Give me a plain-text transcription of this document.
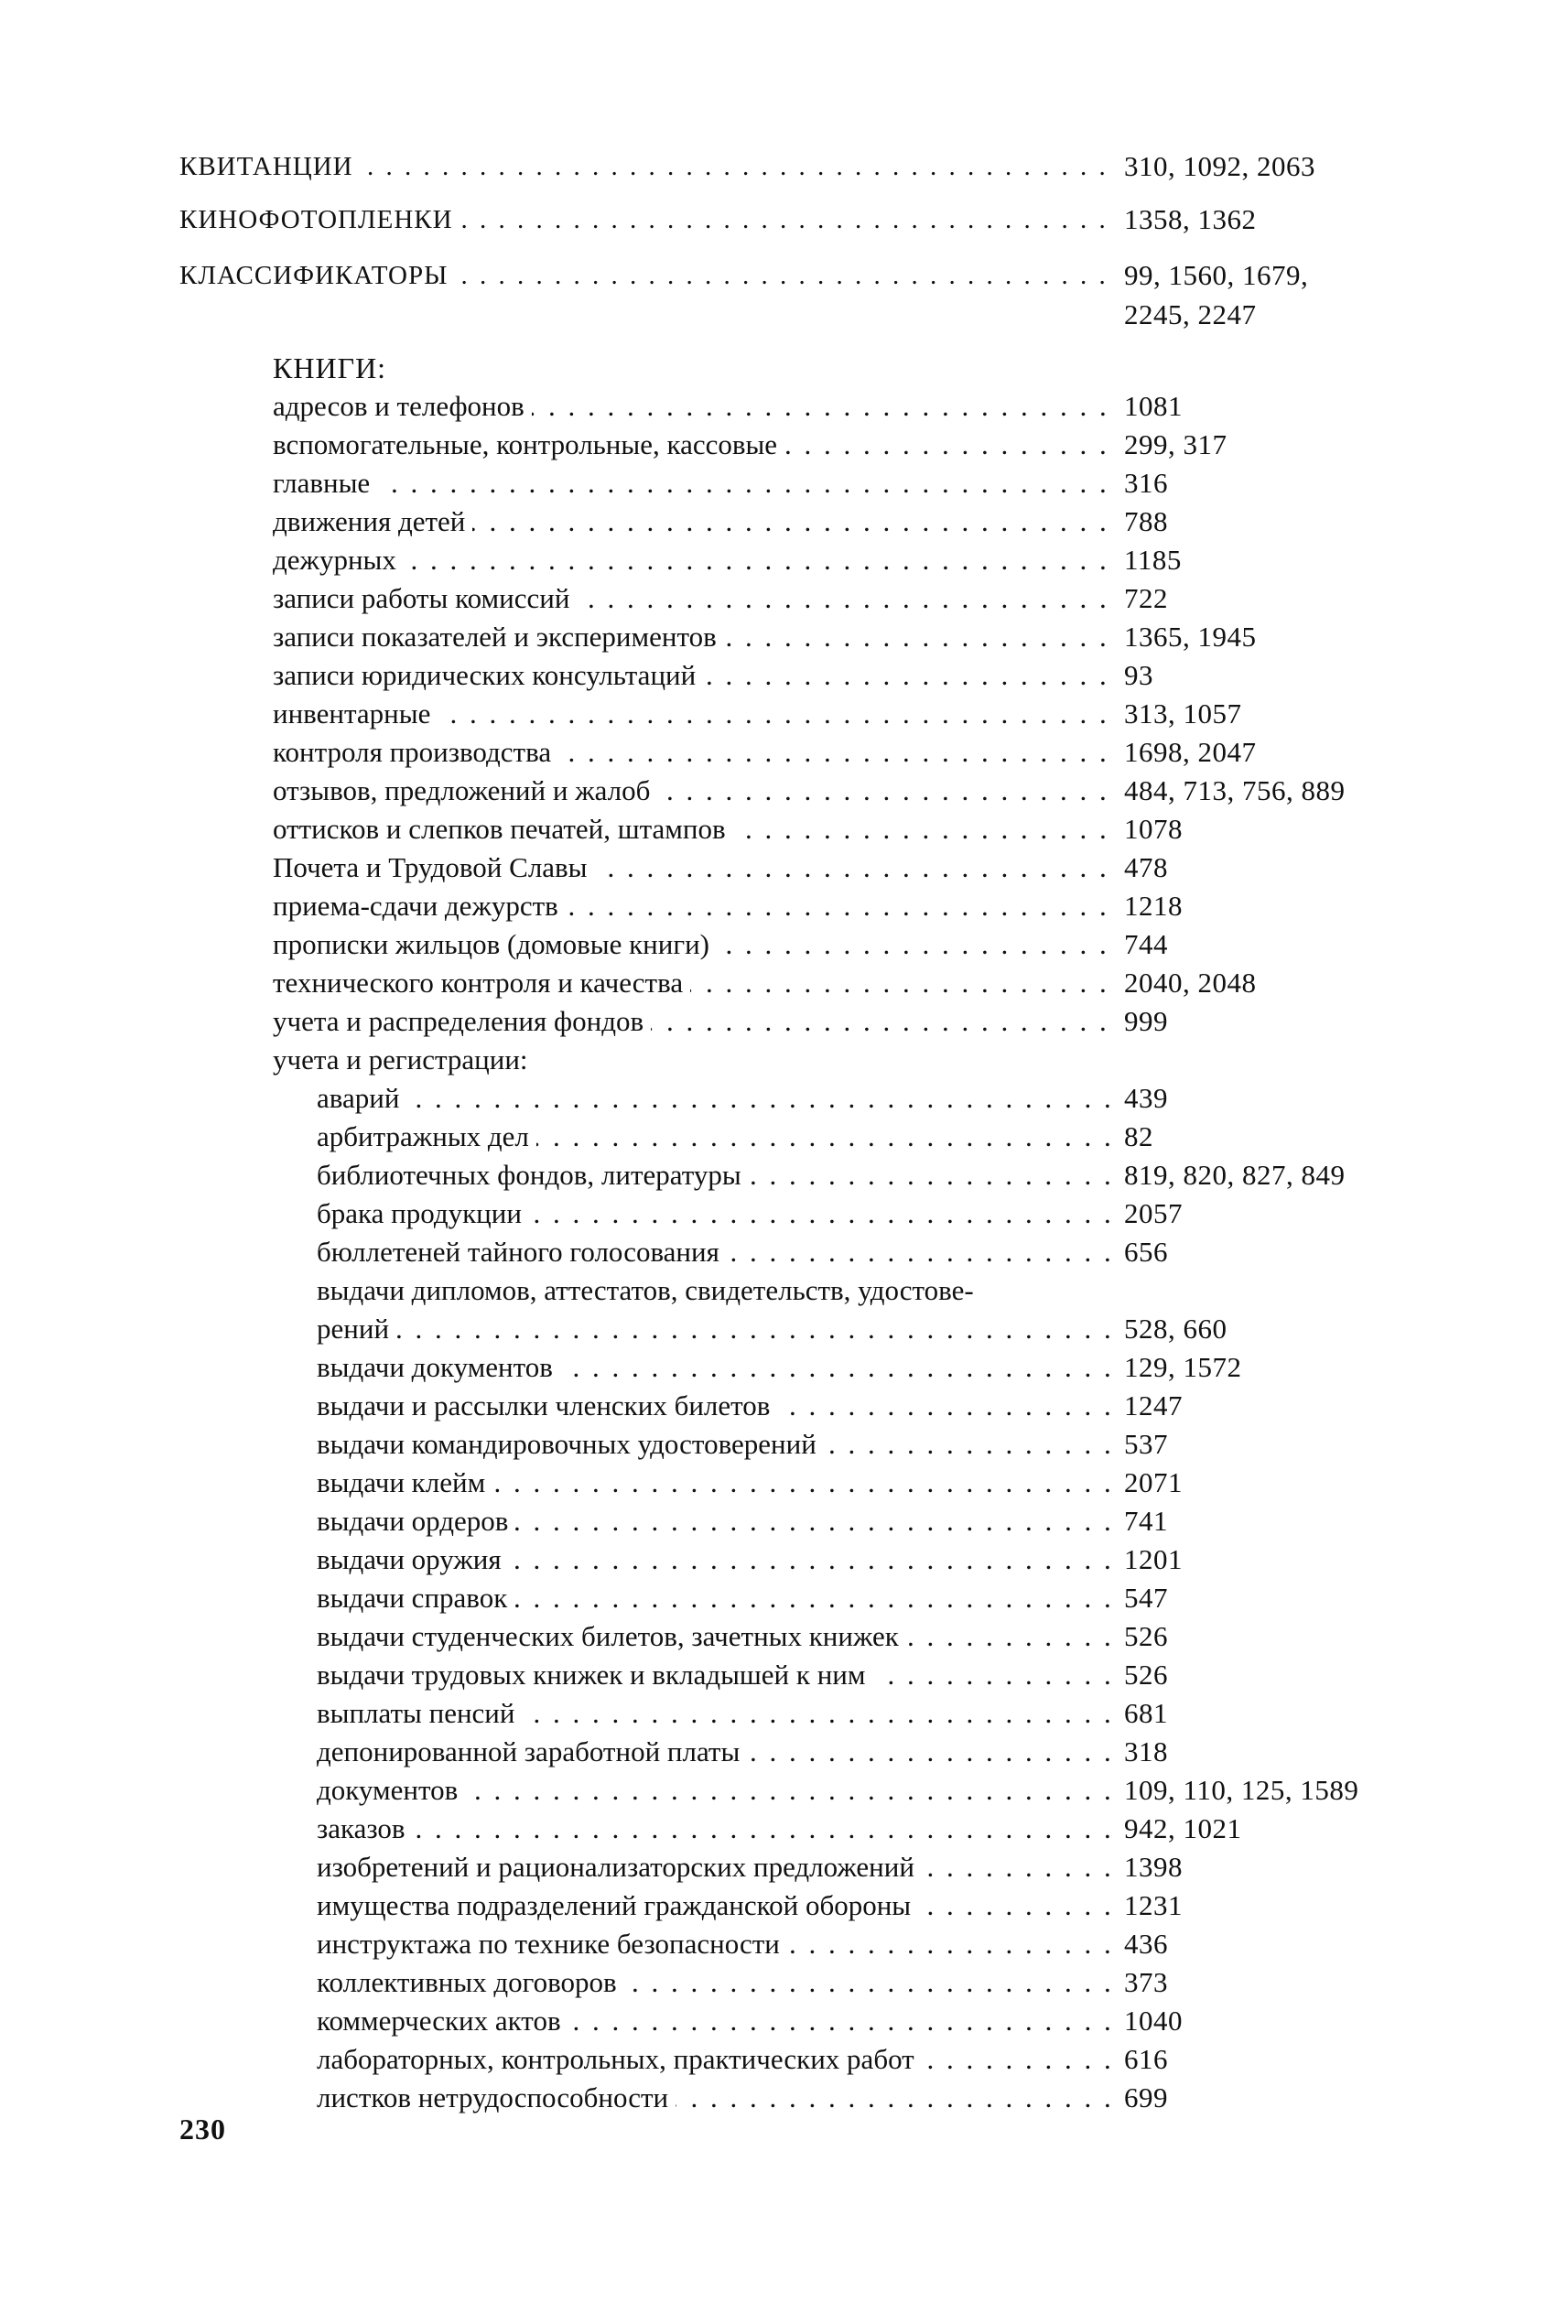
КВИТАНЦИИ . . .	310, 1092, 2063
КИНОФОТОПЛЕНКИ . . .	1358, 1362
КЛАССИФИКАТОРЫ . . .	99, 1560, 1679,
2245, 2247
КНИГИ:
адресов и телефонов . . .	1081
вспомогательные, контрольные, кассовые . . .	299, 317
главные . . .	316
движения детей . . .	788
дежурных . . .	1185
записи работы комиссий . . .	722
записи показателей и экспериментов . . .	1365, 1945
записи юридических консультаций . . .	93
инвентарные . . .	313, 1057
контроля производства . . .	1698, 2047
отзывов, предложений и жалоб . . .	484, 713, 756, 889
оттисков и слепков печатей, штампов . . .	1078
Почета и Трудовой Славы . . .	478
приема-сдачи дежурств . . .	1218
прописки жильцов (домовые книги) . . .	744
технического контроля и качества . . .	2040, 2048
учета и распределения фондов . . .	999
учета и регистрации:
аварий . . .	439
арбитражных дел . . .	82
библиотечных фондов, литературы . . .	819, 820, 827, 849
брака продукции . . .	2057
бюллетеней тайного голосования . . .	656
выдачи дипломов, аттестатов, свидетельств, удостове-
рений . . .	528, 660
выдачи документов . . .	129, 1572
выдачи и рассылки членских билетов . . .	1247
выдачи командировочных удостоверений . . .	537
выдачи клейм . . .	2071
выдачи ордеров . . .	741
выдачи оружия . . .	1201
выдачи справок . . .	547
выдачи студенческих билетов, зачетных книжек . . .	526
выдачи трудовых книжек и вкладышей к ним . . .	526
выплаты пенсий . . .	681
депонированной заработной платы . . .	318
документов . . .	109, 110, 125, 1589
заказов . . .	942, 1021
изобретений и рационализаторских предложений . . .	1398
имущества подразделений гражданской обороны . . .	1231
инструктажа по технике безопасности . . .	436
коллективных договоров . . .	373
коммерческих актов . . .	1040
лабораторных, контрольных, практических работ . . .	616
листков нетрудоспособности . . .	699
230
